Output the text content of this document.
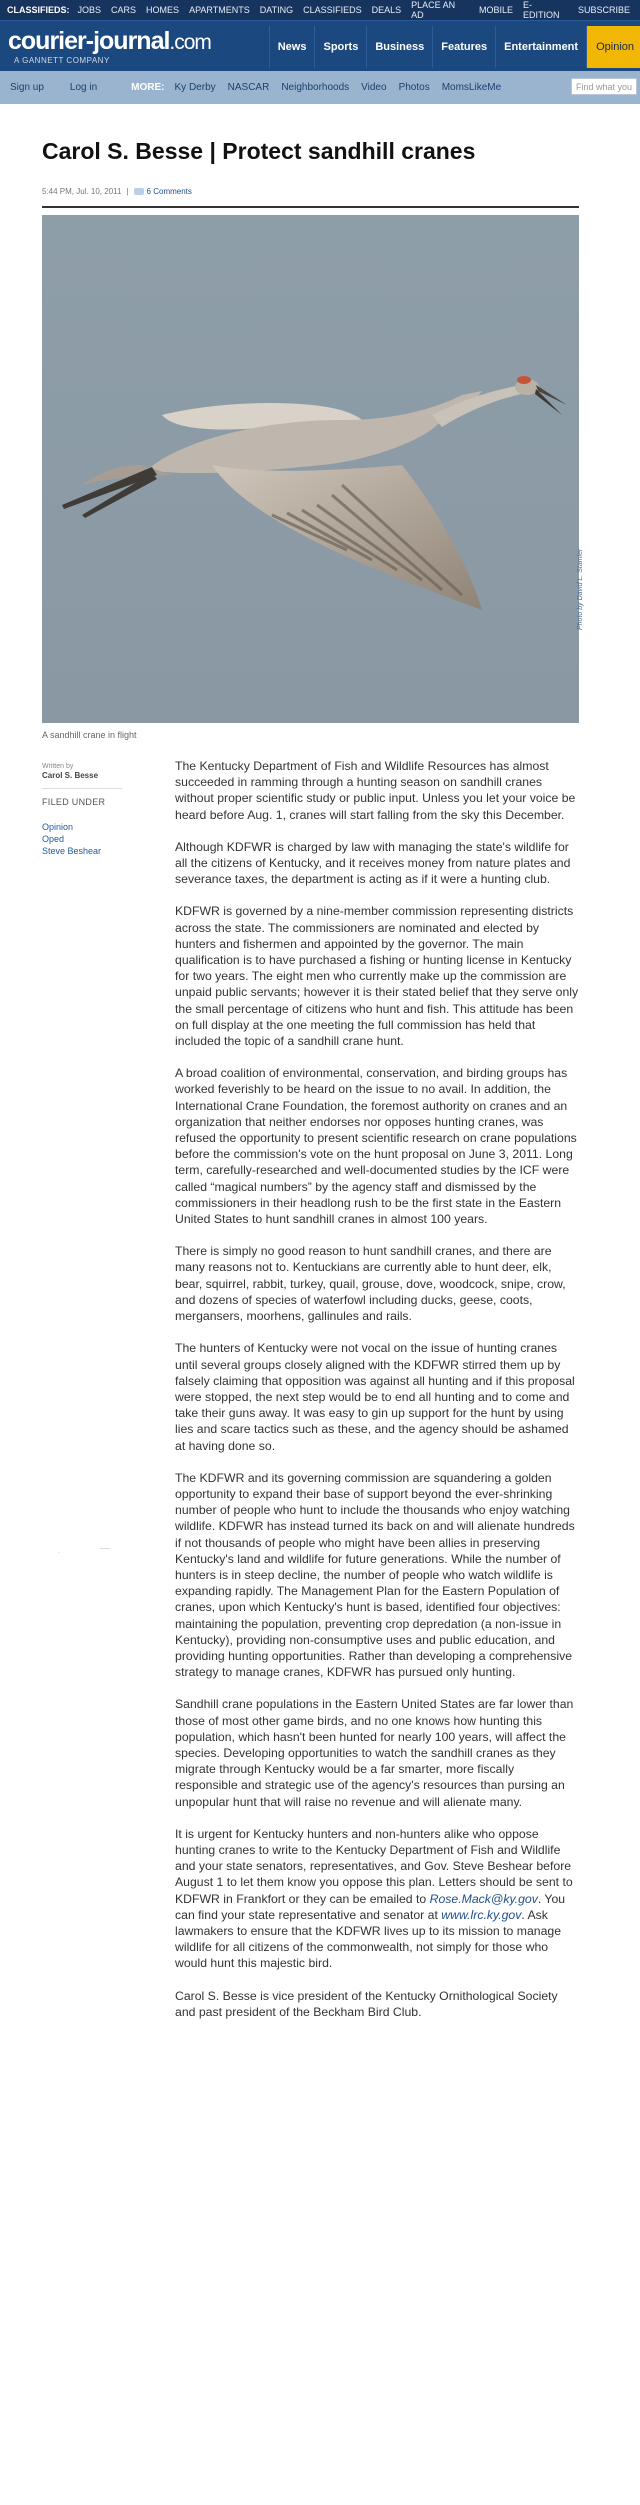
CLASSIFIEDS: JOBS CARS HOMES APARTMENTS DATING CLASSIFIEDS DEALS PLACE AN AD	MOBILE E-EDITION	SUBSCRIBE
courier-journal.com
A GANNETT COMPANY
News	Sports	Business	Features	Entertainment	Opinion
Sign up	Log in	MORE: Ky Derby NASCAR Neighborhoods Video Photos MomsLikeMe	Find what you
Carol S. Besse | Protect sandhill cranes
5:44 PM, Jul. 10, 2011 | 6 Comments
Photo by David L. Stamler
A sandhill crane in flight
Written by
Carol S. Besse
FILED UNDER
Opinion
Oped
Steve Beshear
·

The Kentucky Department of Fish and Wildlife Resources has almost succeeded in ramming through a hunting season on sandhill cranes without proper scientific study or public input. Unless you let your voice be heard before Aug. 1, cranes will start falling from the sky this December.

Although KDFWR is charged by law with managing the state's wildlife for all the citizens of Kentucky, and it receives money from nature plates and severance taxes, the department is acting as if it were a hunting club.

KDFWR is governed by a nine-member commission representing districts across the state. The commissioners are nominated and elected by hunters and fishermen and appointed by the governor. The main qualification is to have purchased a fishing or hunting license in Kentucky for two years. The eight men who currently make up the commission are unpaid public servants; however it is their stated belief that they serve only the small percentage of citizens who hunt and fish. This attitude has been on full display at the one meeting the full commission has held that included the topic of a sandhill crane hunt.

A broad coalition of environmental, conservation, and birding groups has worked feverishly to be heard on the issue to no avail. In addition, the International Crane Foundation, the foremost authority on cranes and an organization that neither endorses nor opposes hunting cranes, was refused the opportunity to present scientific research on crane populations before the commission's vote on the hunt proposal on June 3, 2011. Long term, carefully-researched and well-documented studies by the ICF were called “magical numbers” by the agency staff and dismissed by the commissioners in their headlong rush to be the first state in the Eastern United States to hunt sandhill cranes in almost 100 years.

There is simply no good reason to hunt sandhill cranes, and there are many reasons not to. Kentuckians are currently able to hunt deer, elk, bear, squirrel, rabbit, turkey, quail, grouse, dove, woodcock, snipe, crow, and dozens of species of waterfowl including ducks, geese, coots, mergansers, moorhens, gallinules and rails.

The hunters of Kentucky were not vocal on the issue of hunting cranes until several groups closely aligned with the KDFWR stirred them up by falsely claiming that opposition was against all hunting and if this proposal were stopped, the next step would be to end all hunting and to come and take their guns away. It was easy to gin up support for the hunt by using lies and scare tactics such as these, and the agency should be ashamed at having done so.

The KDFWR and its governing commission are squandering a golden opportunity to expand their base of support beyond the ever-shrinking number of people who hunt to include the thousands who enjoy watching wildlife. KDFWR has instead turned its back on and will alienate hundreds if not thousands of people who might have been allies in preserving Kentucky's land and wildlife for future generations. While the number of hunters is in steep decline, the number of people who watch wildlife is expanding rapidly. The Management Plan for the Eastern Population of cranes, upon which Kentucky's hunt is based, identified four objectives: maintaining the population, preventing crop depredation (a non-issue in Kentucky), providing non-consumptive uses and public education, and providing hunting opportunities. Rather than developing a comprehensive strategy to manage cranes, KDFWR has pursued only hunting.

Sandhill crane populations in the Eastern United States are far lower than those of most other game birds, and no one knows how hunting this population, which hasn't been hunted for nearly 100 years, will affect the species. Developing opportunities to watch the sandhill cranes as they migrate through Kentucky would be a far smarter, more fiscally responsible and strategic use of the agency's resources than pursing an unpopular hunt that will raise no revenue and will alienate many.

It is urgent for Kentucky hunters and non-hunters alike who oppose hunting cranes to write to the Kentucky Department of Fish and Wildlife and your state senators, representatives, and Gov. Steve Beshear before August 1 to let them know you oppose this plan. Letters should be sent to KDFWR in Frankfort or they can be emailed to Rose.Mack@ky.gov. You can find your state representative and senator at www.lrc.ky.gov. Ask lawmakers to ensure that the KDFWR lives up to its mission to manage wildlife for all citizens of the commonwealth, not simply for those who would hunt this majestic bird.

Carol S. Besse is vice president of the Kentucky Ornithological Society and past president of the Beckham Bird Club.
